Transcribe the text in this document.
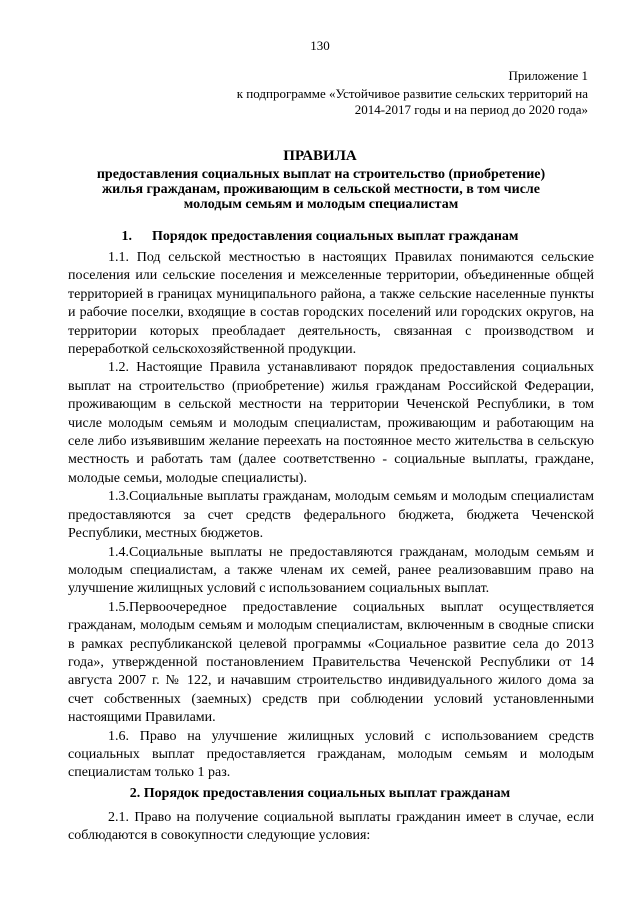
130
Приложение 1
к подпрограмме «Устойчивое развитие сельских территорий на 2014-2017 годы и на период до 2020 года»
ПРАВИЛА
предоставления социальных выплат на строительство (приобретение) жилья гражданам, проживающим в сельской местности, в том числе молодым семьям и молодым специалистам
1. Порядок предоставления социальных выплат гражданам

1.1. Под сельской местностью в настоящих Правилах понимаются сельские поселения или сельские поселения и межселенные территории, объединенные общей территорией в границах муниципального района, а также сельские населенные пункты и рабочие поселки, входящие в состав городских поселений или городских округов, на территории которых преобладает деятельность, связанная с производством и переработкой сельскохозяйственной продукции.

1.2. Настоящие Правила устанавливают порядок предоставления социальных выплат на строительство (приобретение) жилья гражданам Российской Федерации, проживающим в сельской местности на территории Чеченской Республики, в том числе молодым семьям и молодым специалистам, проживающим и работающим на селе либо изъявившим желание переехать на постоянное место жительства в сельскую местность и работать там (далее соответственно - социальные выплаты, граждане, молодые семьи, молодые специалисты).

1.3.Социальные выплаты гражданам, молодым семьям и молодым специалистам предоставляются за счет средств федерального бюджета, бюджета Чеченской Республики, местных бюджетов.

1.4.Социальные выплаты не предоставляются гражданам, молодым семьям и молодым специалистам, а также членам их семей, ранее реализовавшим право на улучшение жилищных условий с использованием социальных выплат.

1.5.Первоочередное предоставление социальных выплат осуществляется гражданам, молодым семьям и молодым специалистам, включенным в сводные списки в рамках республиканской целевой программы «Социальное развитие села до 2013 года», утвержденной постановлением Правительства Чеченской Республики от 14 августа 2007 г. № 122, и начавшим строительство индивидуального жилого дома за счет собственных (заемных) средств при соблюдении условий установленными настоящими Правилами.

1.6. Право на улучшение жилищных условий с использованием средств социальных выплат предоставляется гражданам, молодым семьям и молодым специалистам только 1 раз.

2. Порядок предоставления социальных выплат гражданам

2.1. Право на получение социальной выплаты гражданин имеет в случае, если соблюдаются в совокупности следующие условия:
